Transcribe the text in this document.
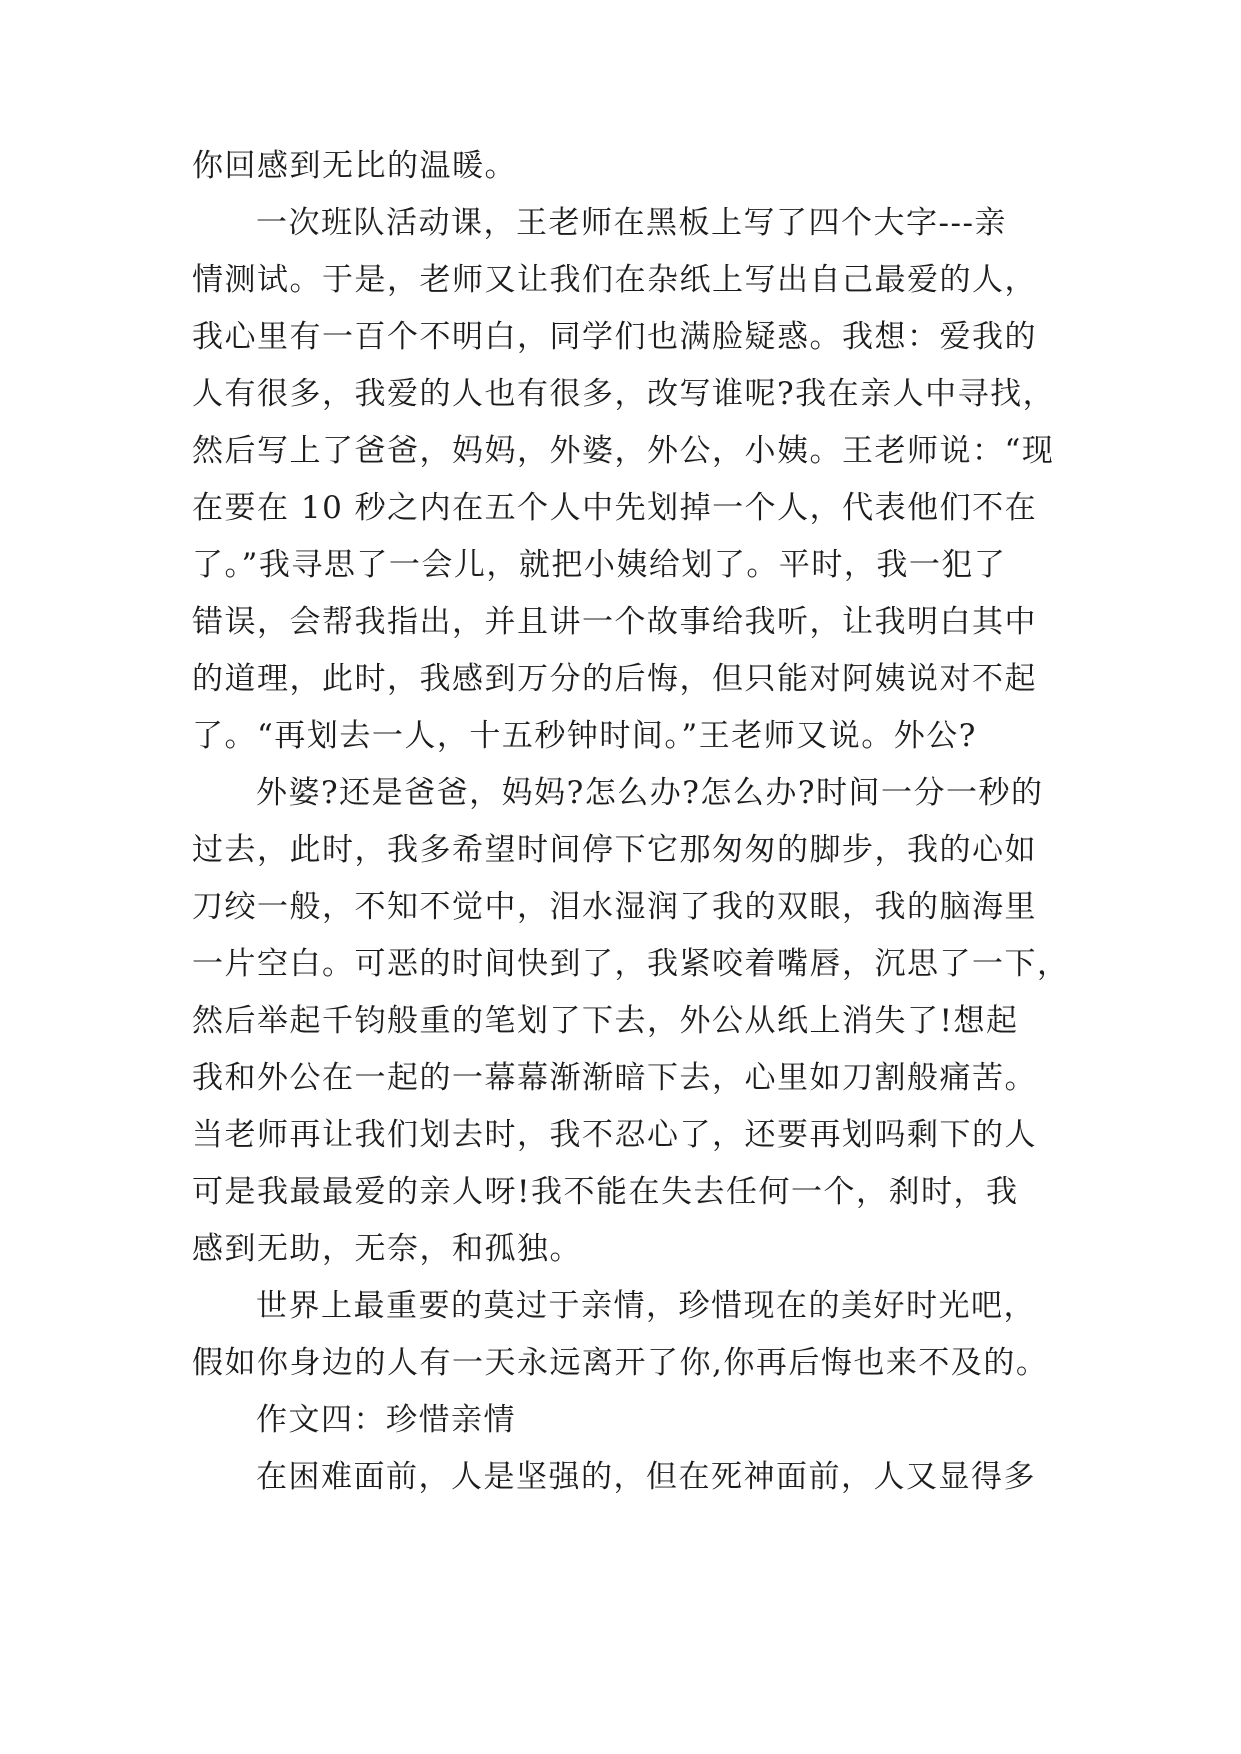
你回感到无比的温暖。

一次班队活动课，王老师在黑板上写了四个大字---亲

情测试。于是，老师又让我们在杂纸上写出自己最爱的人，

我心里有一百个不明白，同学们也满脸疑惑。我想：爱我的

人有很多，我爱的人也有很多，改写谁呢?我在亲人中寻找，

然后写上了爸爸，妈妈，外婆，外公，小姨。王老师说：“现

在要在 10 秒之内在五个人中先划掉一个人，代表他们不在

了。”我寻思了一会儿，就把小姨给划了。平时，我一犯了

错误，会帮我指出，并且讲一个故事给我听，让我明白其中

的道理，此时，我感到万分的后悔，但只能对阿姨说对不起

了。“再划去一人，十五秒钟时间。”王老师又说。外公?

外婆?还是爸爸，妈妈?怎么办?怎么办?时间一分一秒的

过去，此时，我多希望时间停下它那匆匆的脚步，我的心如

刀绞一般，不知不觉中，泪水湿润了我的双眼，我的脑海里

一片空白。可恶的时间快到了，我紧咬着嘴唇，沉思了一下，

然后举起千钧般重的笔划了下去，外公从纸上消失了!想起

我和外公在一起的一幕幕渐渐暗下去，心里如刀割般痛苦。

当老师再让我们划去时，我不忍心了，还要再划吗剩下的人

可是我最最爱的亲人呀!我不能在失去任何一个，刹时，我

感到无助，无奈，和孤独。

世界上最重要的莫过于亲情，珍惜现在的美好时光吧，

假如你身边的人有一天永远离开了你,你再后悔也来不及的。

作文四：珍惜亲情

在困难面前，人是坚强的，但在死神面前，人又显得多
